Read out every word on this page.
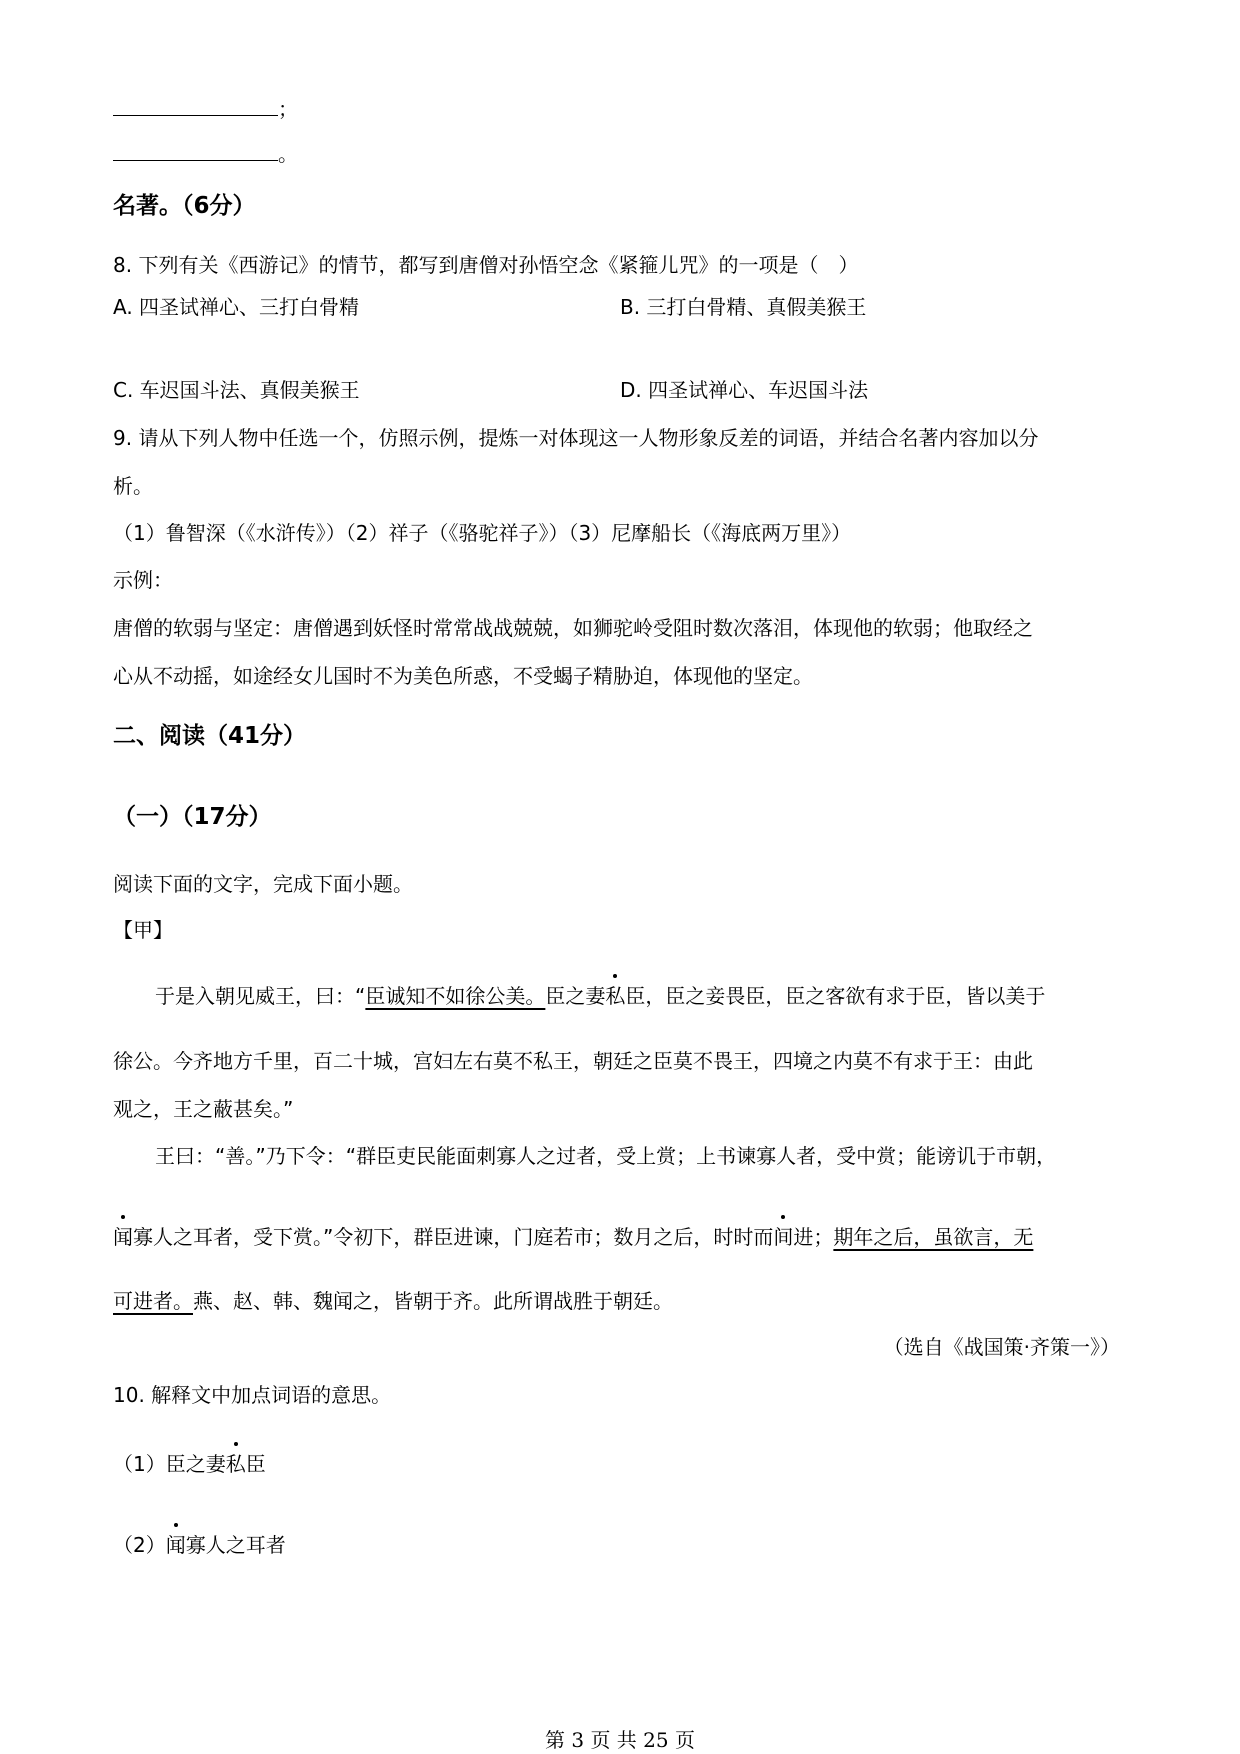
；
。
名著。（6分）
8. 下列有关《西游记》的情节，都写到唐僧对孙悟空念《紧箍儿咒》的一项是（　）
A. 四圣试禅心、三打白骨精	B. 三打白骨精、真假美猴王
C. 车迟国斗法、真假美猴王	D. 四圣试禅心、车迟国斗法
9. 请从下列人物中任选一个，仿照示例，提炼一对体现这一人物形象反差的词语，并结合名著内容加以分
析。
（1）鲁智深（《水浒传》）（2）祥子（《骆驼祥子》）（3）尼摩船长（《海底两万里》）
示例：
唐僧的软弱与坚定：唐僧遇到妖怪时常常战战兢兢，如狮驼岭受阻时数次落泪，体现他的软弱；他取经之
心从不动摇，如途经女儿国时不为美色所惑，不受蝎子精胁迫，体现他的坚定。
二、阅读（41分）
（一）（17分）
阅读下面的文字，完成下面小题。
【甲】
于是入朝见威王，曰：“臣诚知不如徐公美。臣之妻私臣，臣之妾畏臣，臣之客欲有求于臣，皆以美于
徐公。今齐地方千里，百二十城，宫妇左右莫不私王，朝廷之臣莫不畏王，四境之内莫不有求于王：由此
观之，王之蔽甚矣。”
王曰：“善。”乃下令：“群臣吏民能面刺寡人之过者，受上赏；上书谏寡人者，受中赏；能谤讥于市朝，
闻寡人之耳者，受下赏。”令初下，群臣进谏，门庭若市；数月之后，时时而间进；期年之后，虽欲言，无
可进者。燕、赵、韩、魏闻之，皆朝于齐。此所谓战胜于朝廷。
（选自《战国策·齐策一》）
10. 解释文中加点词语的意思。
（1）臣之妻私臣
（2）闻寡人之耳者
第 3 页 共 25 页
